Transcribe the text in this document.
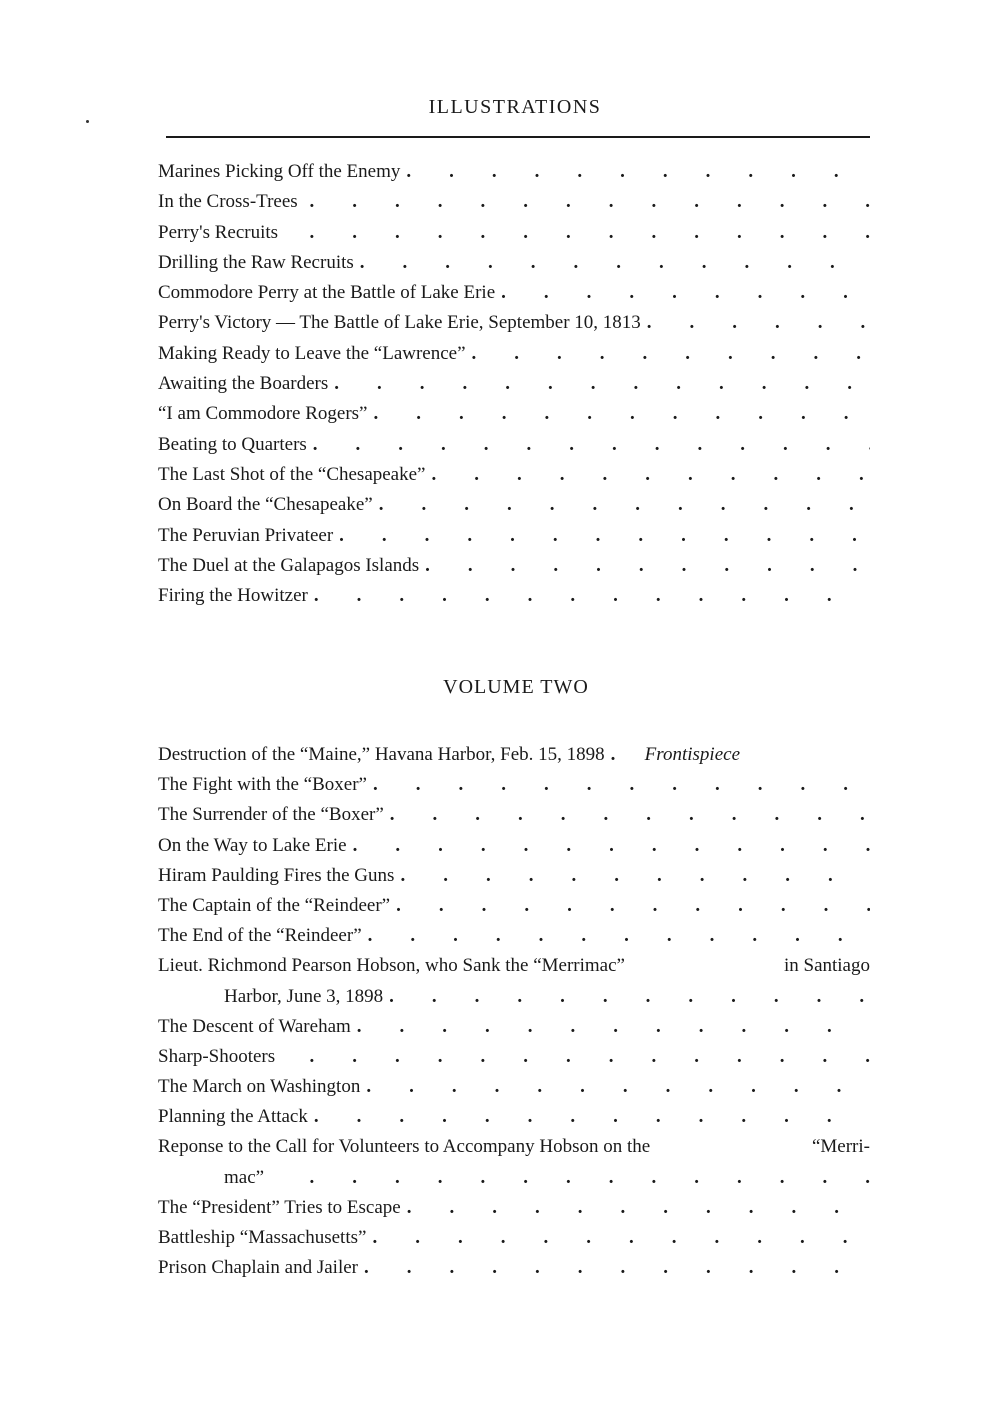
ILLUSTRATIONS
Marines Picking Off the Enemy
.  . 
In the Cross-Trees
.  . 
Perry's Recruits
.  . 
Drilling the Raw Recruits
.  . 
Commodore Perry at the Battle of Lake Erie
.  . 
Perry's Victory — The Battle of Lake Erie, September 10, 1813
.  . 
Making Ready to Leave the “Lawrence”
.  . 
Awaiting the Boarders
.  . 
“I am Commodore Rogers”
.  . 
Beating to Quarters
.  . 
The Last Shot of the “Chesapeake”
.  . 
On Board the “Chesapeake”
.  . 
The Peruvian Privateer
.  . 
The Duel at the Galapagos Islands
.  . 
Firing the Howitzer
.  . 
VOLUME TWO
Destruction of the “Maine,” Havana Harbor, Feb. 15, 1898
.  .  Frontispiece
The Fight with the “Boxer”
.  . 
The Surrender of the “Boxer”
.  . 
On the Way to Lake Erie
.  . 
Hiram Paulding Fires the Guns
.  . 
The Captain of the “Reindeer”
.  . 
The End of the “Reindeer”
.  . 
Lieut. Richmond Pearson Hobson, who Sank the “Merrimac”	in Santiago
Harbor, June 3, 1898
.  . 
The Descent of Wareham
.  . 
Sharp-Shooters
.  . 
The March on Washington
.  . 
Planning the Attack
.  . 
Reponse to the Call for Volunteers to Accompany Hobson on the	“Merri-
mac”
.  . 
The “President” Tries to Escape
.  . 
Battleship “Massachusetts”
.  . 
Prison Chaplain and Jailer
.  . 
